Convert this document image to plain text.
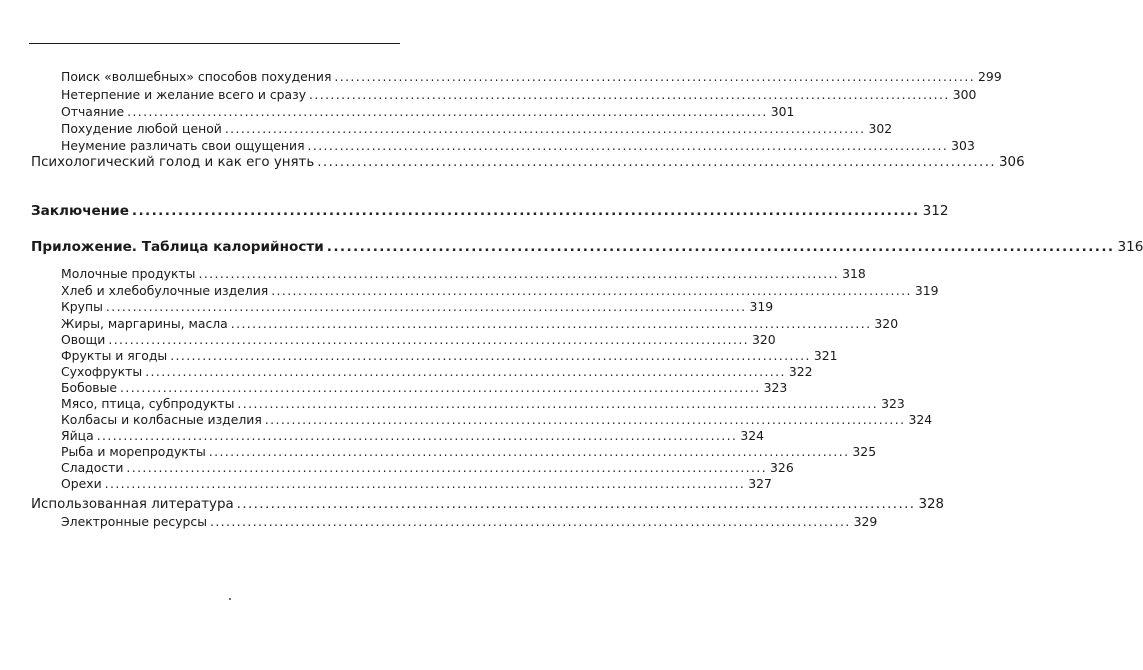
Поиск «волшебных» способов похудения ........................................................................................................................ 299
Нетерпение и желание всего и сразу ........................................................................................................................ 300
Отчаяние ........................................................................................................................ 301
Похудение любой ценой ........................................................................................................................ 302
Неумение различать свои ощущения ........................................................................................................................ 303
Психологический голод и как его унять ........................................................................................................................ 306
Заключение ........................................................................................................................ 312
Приложение. Таблица калорийности ........................................................................................................................ 316
Молочные продукты ........................................................................................................................ 318
Хлеб и хлебобулочные изделия ........................................................................................................................ 319
Крупы ........................................................................................................................ 319
Жиры, маргарины, масла ........................................................................................................................ 320
Овощи ........................................................................................................................ 320
Фрукты и ягоды ........................................................................................................................ 321
Сухофрукты ........................................................................................................................ 322
Бобовые ........................................................................................................................ 323
Мясо, птица, субпродукты ........................................................................................................................ 323
Колбасы и колбасные изделия ........................................................................................................................ 324
Яйца ........................................................................................................................ 324
Рыба и морепродукты ........................................................................................................................ 325
Сладости ........................................................................................................................ 326
Орехи ........................................................................................................................ 327
Использованная литература ........................................................................................................................ 328
Электронные ресурсы ........................................................................................................................ 329
